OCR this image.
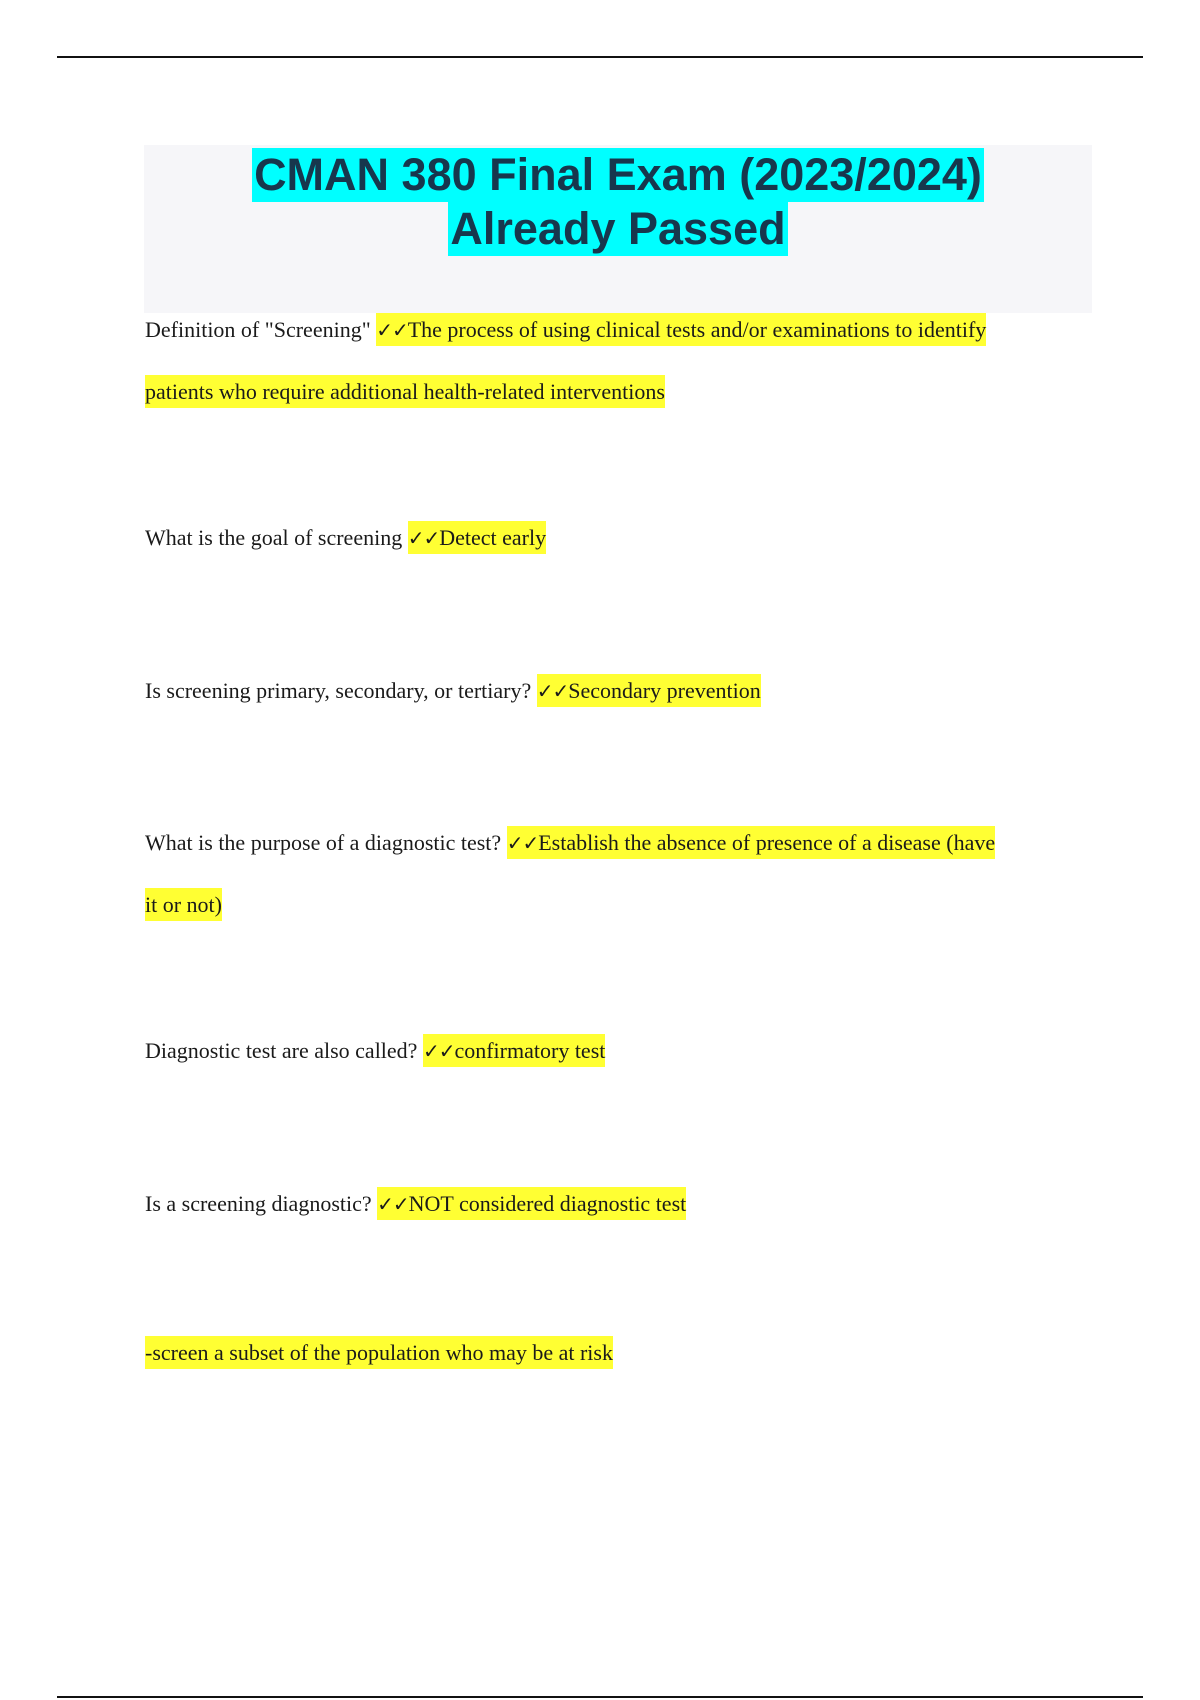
CMAN 380 Final Exam (2023/2024)
Already Passed
Definition of "Screening" ✓✓The process of using clinical tests and/or examinations to identify
patients who require additional health-related interventions
What is the goal of screening ✓✓Detect early
Is screening primary, secondary, or tertiary? ✓✓Secondary prevention
What is the purpose of a diagnostic test? ✓✓Establish the absence of presence of a disease (have
it or not)
Diagnostic test are also called? ✓✓confirmatory test
Is a screening diagnostic? ✓✓NOT considered diagnostic test
-screen a subset of the population who may be at risk
